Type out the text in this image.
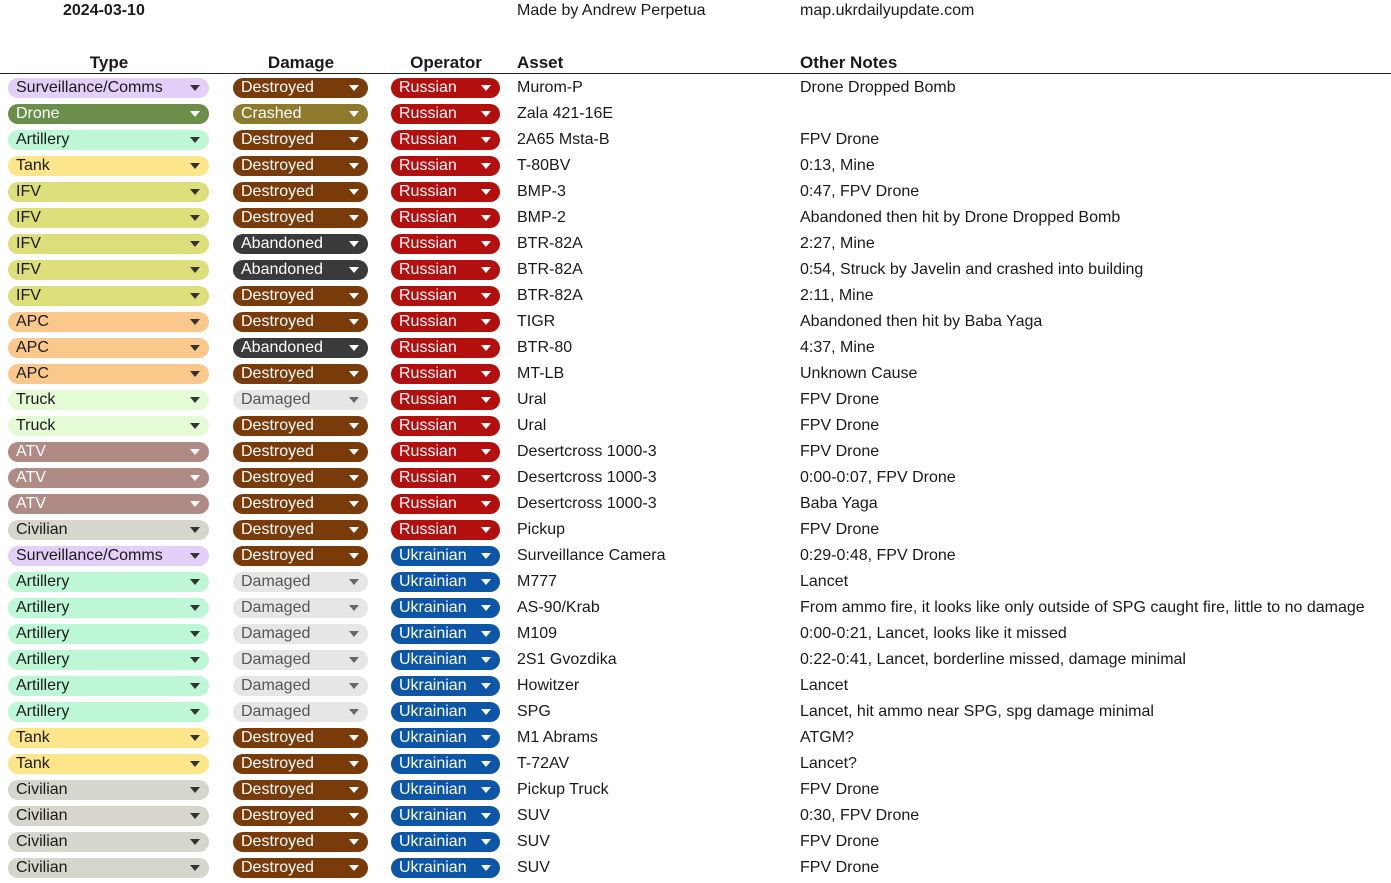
2024-03-10	Made by Andrew Perpetua	map.ukrdailyupdate.com
Type	Damage	Operator	Asset	Other Notes
Surveillance/Comms	Destroyed	Russian	Murom-P	Drone Dropped Bomb
Drone	Crashed	Russian	Zala 421-16E
Artillery	Destroyed	Russian	2A65 Msta-B	FPV Drone
Tank	Destroyed	Russian	T-80BV	0:13, Mine
IFV	Destroyed	Russian	BMP-3	0:47, FPV Drone
IFV	Destroyed	Russian	BMP-2	Abandoned then hit by Drone Dropped Bomb
IFV	Abandoned	Russian	BTR-82A	2:27, Mine
IFV	Abandoned	Russian	BTR-82A	0:54, Struck by Javelin and crashed into building
IFV	Destroyed	Russian	BTR-82A	2:11, Mine
APC	Destroyed	Russian	TIGR	Abandoned then hit by Baba Yaga
APC	Abandoned	Russian	BTR-80	4:37, Mine
APC	Destroyed	Russian	MT-LB	Unknown Cause
Truck	Damaged	Russian	Ural	FPV Drone
Truck	Destroyed	Russian	Ural	FPV Drone
ATV	Destroyed	Russian	Desertcross 1000-3	FPV Drone
ATV	Destroyed	Russian	Desertcross 1000-3	0:00-0:07, FPV Drone
ATV	Destroyed	Russian	Desertcross 1000-3	Baba Yaga
Civilian	Destroyed	Russian	Pickup	FPV Drone
Surveillance/Comms	Destroyed	Ukrainian	Surveillance Camera	0:29-0:48, FPV Drone
Artillery	Damaged	Ukrainian	M777	Lancet
Artillery	Damaged	Ukrainian	AS-90/Krab	From ammo fire, it looks like only outside of SPG caught fire, little to no damage
Artillery	Damaged	Ukrainian	M109	0:00-0:21, Lancet, looks like it missed
Artillery	Damaged	Ukrainian	2S1 Gvozdika	0:22-0:41, Lancet, borderline missed, damage minimal
Artillery	Damaged	Ukrainian	Howitzer	Lancet
Artillery	Damaged	Ukrainian	SPG	Lancet, hit ammo near SPG, spg damage minimal
Tank	Destroyed	Ukrainian	M1 Abrams	ATGM?
Tank	Destroyed	Ukrainian	T-72AV	Lancet?
Civilian	Destroyed	Ukrainian	Pickup Truck	FPV Drone
Civilian	Destroyed	Ukrainian	SUV	0:30, FPV Drone
Civilian	Destroyed	Ukrainian	SUV	FPV Drone
Civilian	Destroyed	Ukrainian	SUV	FPV Drone
